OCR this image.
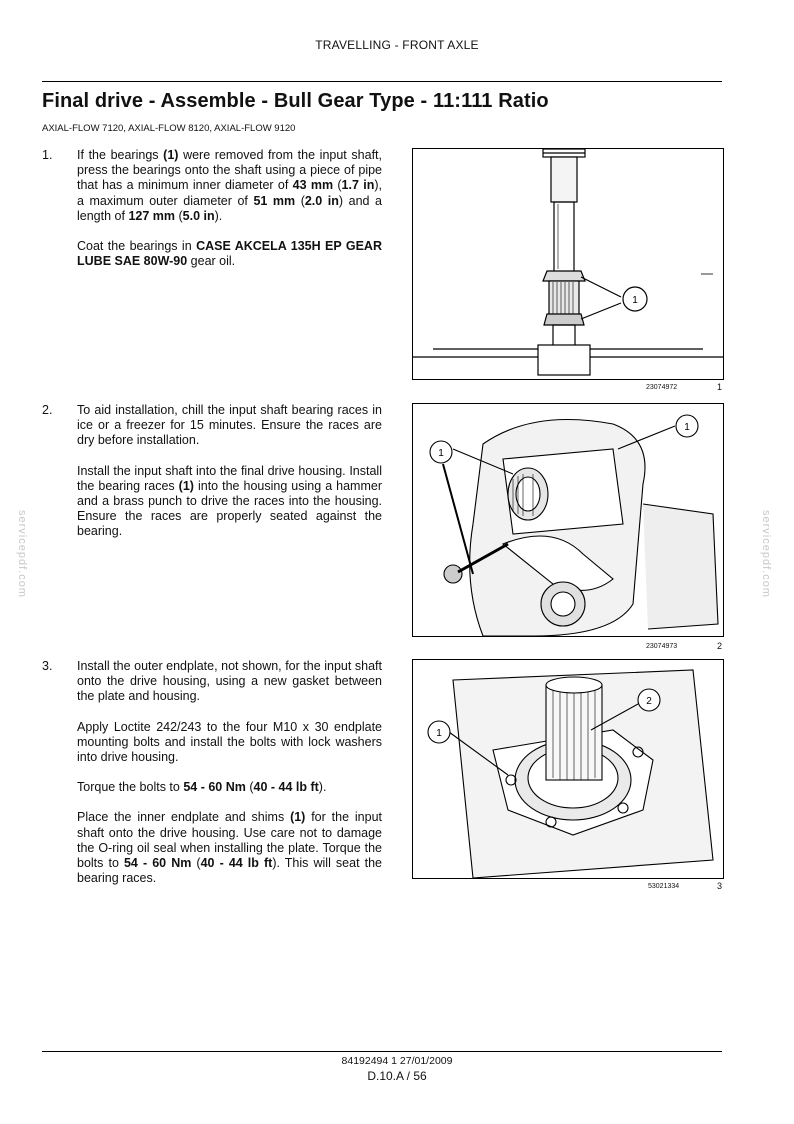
TRAVELLING - FRONT AXLE
Final drive - Assemble - Bull Gear Type - 11:111 Ratio
AXIAL-FLOW 7120, AXIAL-FLOW 8120, AXIAL-FLOW 9120
servicepdf.com	servicepdf.com
1. If the bearings (1) were removed from the input shaft, press the bearings onto the shaft using a piece of pipe that has a minimum inner diameter of 43 mm (1.7 in), a maximum outer diameter of 51 mm (2.0 in) and a length of 127 mm (5.0 in).

Coat the bearings in CASE AKCELA 135H EP GEAR LUBE SAE 80W-90 gear oil.

1
23074972	1
2. To aid installation, chill the input shaft bearing races in ice or a freezer for 15 minutes. Ensure the races are dry before installation.

Install the input shaft into the final drive housing. Install the bearing races (1) into the housing using a hammer and a brass punch to drive the races into the housing. Ensure the races are properly seated against the bearing.

1
1
23074973	2
3. Install the outer endplate, not shown, for the input shaft onto the drive housing, using a new gasket between the plate and housing.

Apply Loctite 242/243 to the four M10 x 30 endplate mounting bolts and install the bolts with lock washers into drive housing.

Torque the bolts to 54 - 60 Nm (40 - 44 lb ft).

Place the inner endplate and shims (1) for the input shaft onto the drive housing. Use care not to damage the O-ring oil seal when installing the plate. Torque the bolts to 54 - 60 Nm (40 - 44 lb ft). This will seat the bearing races.

1
2
53021334	3
84192494 1 27/01/2009
D.10.A / 56
